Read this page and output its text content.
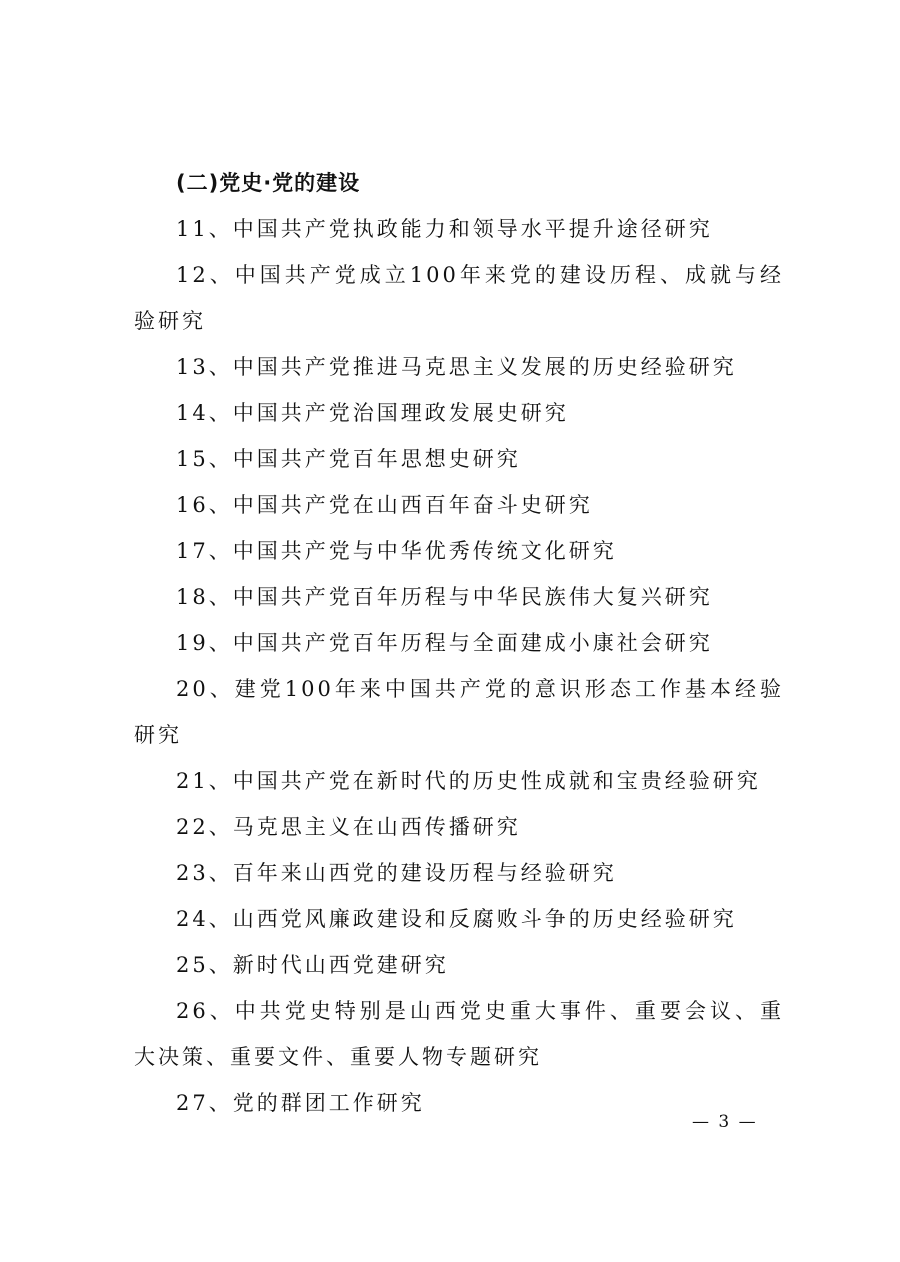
(二)党史·党的建设

11、中国共产党执政能力和领导水平提升途径研究

12、中国共产党成立100年来党的建设历程、成就与经验研究

13、中国共产党推进马克思主义发展的历史经验研究

14、中国共产党治国理政发展史研究

15、中国共产党百年思想史研究

16、中国共产党在山西百年奋斗史研究

17、中国共产党与中华优秀传统文化研究

18、中国共产党百年历程与中华民族伟大复兴研究

19、中国共产党百年历程与全面建成小康社会研究

20、建党100年来中国共产党的意识形态工作基本经验研究

21、中国共产党在新时代的历史性成就和宝贵经验研究

22、马克思主义在山西传播研究

23、百年来山西党的建设历程与经验研究

24、山西党风廉政建设和反腐败斗争的历史经验研究

25、新时代山西党建研究

26、中共党史特别是山西党史重大事件、重要会议、重大决策、重要文件、重要人物专题研究

27、党的群团工作研究

— 3 —
